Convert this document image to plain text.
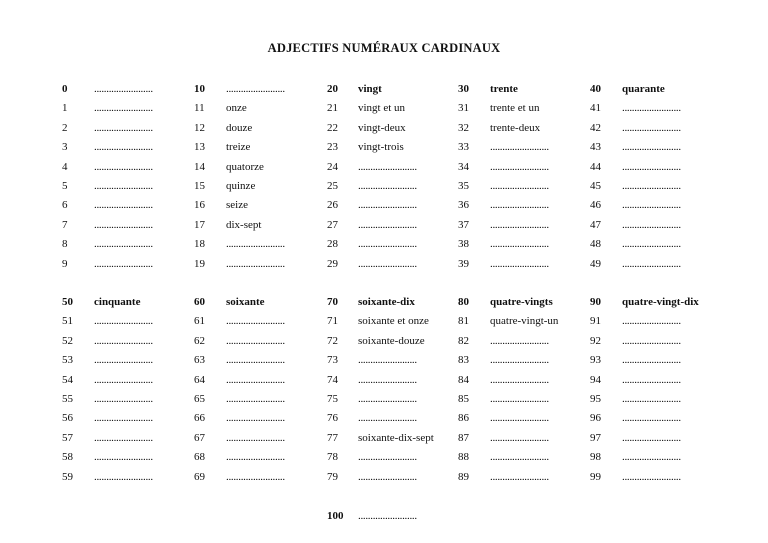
ADJECTIFS NUMÉRAUX CARDINAUX
0	........................
1	........................
2	........................
3	........................
4	........................
5	........................
6	........................
7	........................
8	........................
9	........................
10	........................
11	onze
12	douze
13	treize
14	quatorze
15	quinze
16	seize
17	dix-sept
18	........................
19	........................
20	vingt
21	vingt et un
22	vingt-deux
23	vingt-trois
24	........................
25	........................
26	........................
27	........................
28	........................
29	........................
30	trente
31	trente et un
32	trente-deux
33	........................
34	........................
35	........................
36	........................
37	........................
38	........................
39	........................
40	quarante
41	........................
42	........................
43	........................
44	........................
45	........................
46	........................
47	........................
48	........................
49	........................
50	cinquante
51	........................
52	........................
53	........................
54	........................
55	........................
56	........................
57	........................
58	........................
59	........................
60	soixante
61	........................
62	........................
63	........................
64	........................
65	........................
66	........................
67	........................
68	........................
69	........................
70	soixante-dix
71	soixante et onze
72	soixante-douze
73	........................
74	........................
75	........................
76	........................
77	soixante-dix-sept
78	........................
79	........................
80	quatre-vingts
81	quatre-vingt-un
82	........................
83	........................
84	........................
85	........................
86	........................
87	........................
88	........................
89	........................
90	quatre-vingt-dix
91	........................
92	........................
93	........................
94	........................
95	........................
96	........................
97	........................
98	........................
99	........................
100	........................
